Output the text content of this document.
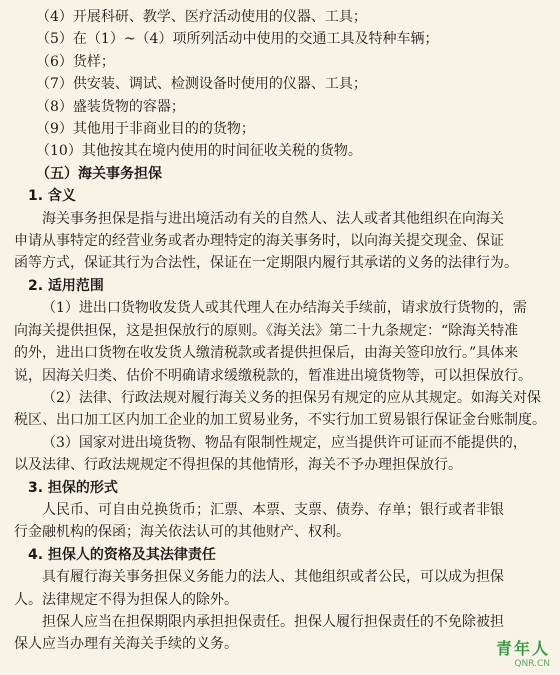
（4）开展科研、教学、医疗活动使用的仪器、工具；
（5）在（1）~（4）项所列活动中使用的交通工具及特种车辆；
（6）货样；
（7）供安装、调试、检测设备时使用的仪器、工具；
（8）盛装货物的容器；
（9）其他用于非商业目的的货物；
（10）其他按其在境内使用的时间征收关税的货物。
（五）海关事务担保
1. 含义
海关事务担保是指与进出境活动有关的自然人、法人或者其他组织在向海关
申请从事特定的经营业务或者办理特定的海关事务时，以向海关提交现金、保证
函等方式，保证其行为合法性，保证在一定期限内履行其承诺的义务的法律行为。
2. 适用范围
（1）进出口货物收发货人或其代理人在办结海关手续前，请求放行货物的，需
向海关提供担保，这是担保放行的原则。《海关法》第二十九条规定：“除海关特准
的外，进出口货物在收发货人缴清税款或者提供担保后，由海关签印放行。”具体来
说，因海关归类、估价不明确请求缓缴税款的，暂准进出境货物等，可以担保放行。
（2）法律、行政法规对履行海关义务的担保另有规定的应从其规定。如海关对保
税区、出口加工区内加工企业的加工贸易业务，不实行加工贸易银行保证金台账制度。
（3）国家对进出境货物、物品有限制性规定，应当提供许可证而不能提供的，
以及法律、行政法规规定不得担保的其他情形，海关不予办理担保放行。
3. 担保的形式
人民币、可自由兑换货币；汇票、本票、支票、债券、存单；银行或者非银
行金融机构的保函；海关依法认可的其他财产、权利。
4. 担保人的资格及其法律责任
具有履行海关事务担保义务能力的法人、其他组织或者公民，可以成为担保
人。法律规定不得为担保人的除外。
担保人应当在担保期限内承担担保责任。担保人履行担保责任的不免除被担
保人应当办理有关海关手续的义务。	青年人
QNR.CN
